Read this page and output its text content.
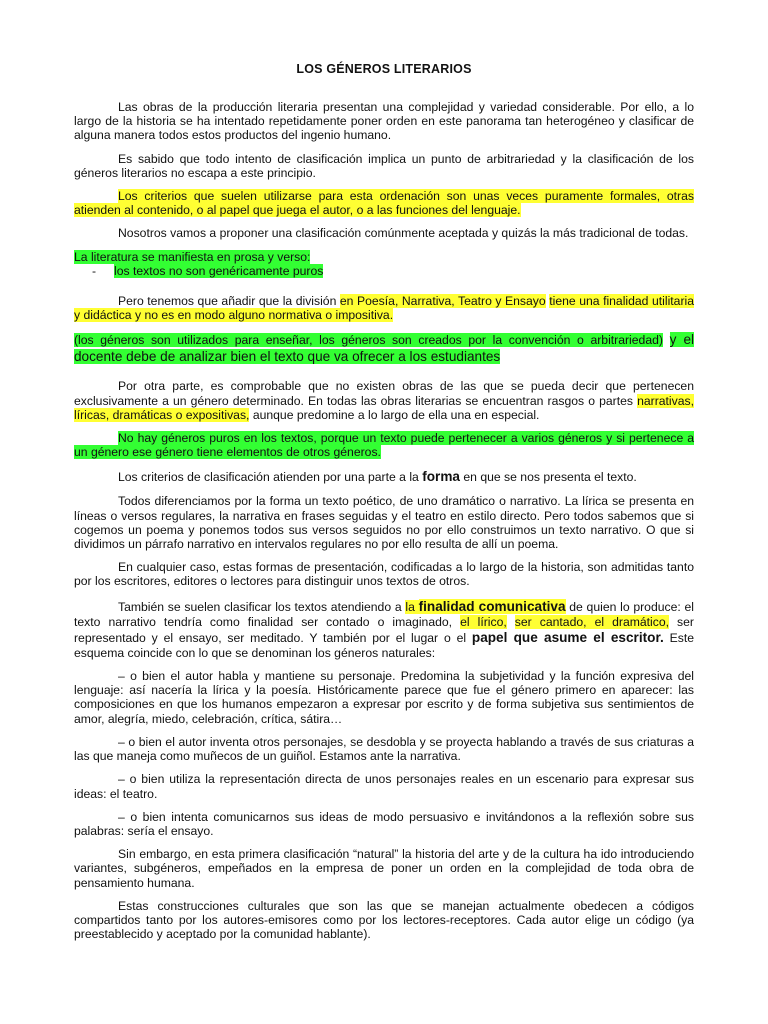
LOS GÉNEROS LITERARIOS

Las obras de la producción literaria presentan una complejidad y variedad considerable. Por ello, a lo largo de la historia se ha intentado repetidamente poner orden en este panorama tan heterogéneo y clasificar de alguna manera todos estos productos del ingenio humano.

Es sabido que todo intento de clasificación implica un punto de arbitrariedad y la clasificación de los géneros literarios no escapa a este principio.

Los criterios que suelen utilizarse para esta ordenación son unas veces puramente formales, otras atienden al contenido, o al papel que juega el autor, o a las funciones del lenguaje.

Nosotros vamos a proponer una clasificación comúnmente aceptada y quizás la más tradicional de todas.

La literatura se manifiesta en prosa y verso:
- los textos no son genéricamente puros

Pero tenemos que añadir que la división en Poesía, Narrativa, Teatro y Ensayo tiene una finalidad utilitaria y didáctica y no es en modo alguno normativa o impositiva.

(los géneros son utilizados para enseñar, los géneros son creados por la convención o arbitrariedad) y el docente debe de analizar bien el texto que va ofrecer a los estudiantes

Por otra parte, es comprobable que no existen obras de las que se pueda decir que pertenecen exclusivamente a un género determinado. En todas las obras literarias se encuentran rasgos o partes narrativas, líricas, dramáticas o expositivas, aunque predomine a lo largo de ella una en especial.

No hay géneros puros en los textos, porque un texto puede pertenecer a varios géneros y si pertenece a un género ese género tiene elementos de otros géneros.

Los criterios de clasificación atienden por una parte a la forma en que se nos presenta el texto.

Todos diferenciamos por la forma un texto poético, de uno dramático o narrativo. La lírica se presenta en líneas o versos regulares, la narrativa en frases seguidas y el teatro en estilo directo. Pero todos sabemos que si cogemos un poema y ponemos todos sus versos seguidos no por ello construimos un texto narrativo. O que si dividimos un párrafo narrativo en intervalos regulares no por ello resulta de allí un poema.

En cualquier caso, estas formas de presentación, codificadas a lo largo de la historia, son admitidas tanto por los escritores, editores o lectores para distinguir unos textos de otros.

También se suelen clasificar los textos atendiendo a la finalidad comunicativa de quien lo produce: el texto narrativo tendría como finalidad ser contado o imaginado, el lírico, ser cantado, el dramático, ser representado y el ensayo, ser meditado. Y también por el lugar o el papel que asume el escritor. Este esquema coincide con lo que se denominan los géneros naturales:

– o bien el autor habla y mantiene su personaje. Predomina la subjetividad y la función expresiva del lenguaje: así nacería la lírica y la poesía. Históricamente parece que fue el género primero en aparecer: las composiciones en que los humanos empezaron a expresar por escrito y de forma subjetiva sus sentimientos de amor, alegría, miedo, celebración, crítica, sátira…

– o bien el autor inventa otros personajes, se desdobla y se proyecta hablando a través de sus criaturas a las que maneja como muñecos de un guiñol. Estamos ante la narrativa.

– o bien utiliza la representación directa de unos personajes reales en un escenario para expresar sus ideas: el teatro.

– o bien intenta comunicarnos sus ideas de modo persuasivo e invitándonos a la reflexión sobre sus palabras: sería el ensayo.

Sin embargo, en esta primera clasificación “natural” la historia del arte y de la cultura ha ido introduciendo variantes, subgéneros, empeñados en la empresa de poner un orden en la complejidad de toda obra de pensamiento humana.

Estas construcciones culturales que son las que se manejan actualmente obedecen a códigos compartidos tanto por los autores-emisores como por los lectores-receptores. Cada autor elige un código (ya preestablecido y aceptado por la comunidad hablante).
